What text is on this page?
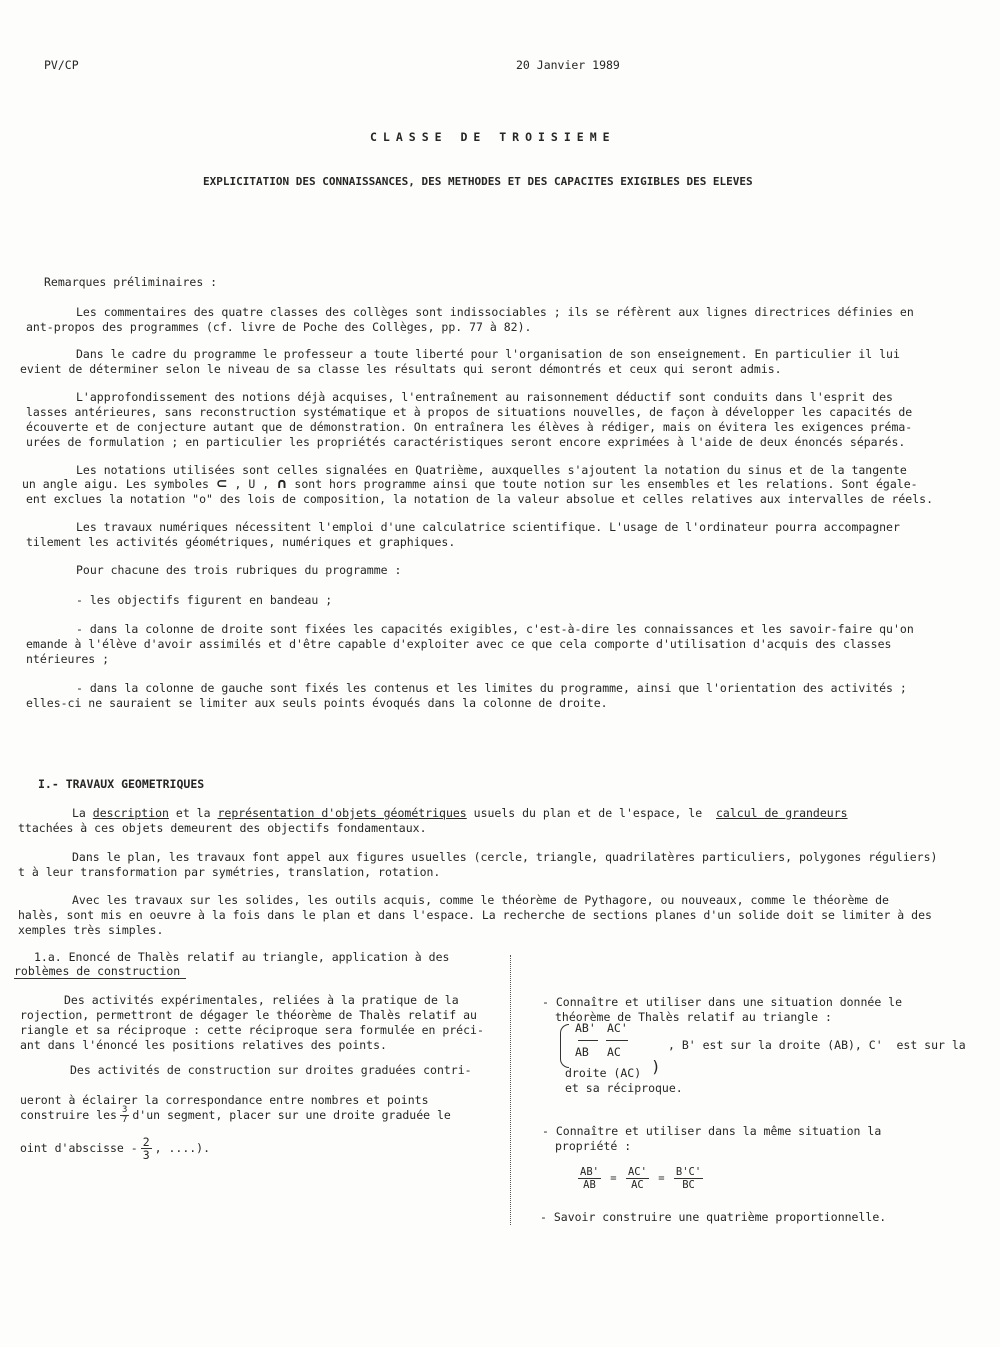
PV/CP	20 Janvier 1989
CLASSE DE TROISIEME
EXPLICITATION DES CONNAISSANCES, DES METHODES ET DES CAPACITES EXIGIBLES DES ELEVES
Remarques préliminaires :
Les commentaires des quatre classes des collèges sont indissociables ; ils se réfèrent aux lignes directrices définies en
ant-propos des programmes (cf. livre de Poche des Collèges, pp. 77 à 82).
Dans le cadre du programme le professeur a toute liberté pour l'organisation de son enseignement. En particulier il lui
evient de déterminer selon le niveau de sa classe les résultats qui seront démontrés et ceux qui seront admis.
L'approfondissement des notions déjà acquises, l'entraînement au raisonnement déductif sont conduits dans l'esprit des
lasses antérieures, sans reconstruction systématique et à propos de situations nouvelles, de façon à développer les capacités de
écouverte et de conjecture autant que de démonstration. On entraînera les élèves à rédiger, mais on évitera les exigences préma-
urées de formulation ; en particulier les propriétés caractéristiques seront encore exprimées à l'aide de deux énoncés séparés.
Les notations utilisées sont celles signalées en Quatrième, auxquelles s'ajoutent la notation du sinus et de la tangente
un angle aigu. Les symboles ⊂ , U , ∩ sont hors programme ainsi que toute notion sur les ensembles et les relations. Sont égale-
ent exclues la notation "o" des lois de composition, la notation de la valeur absolue et celles relatives aux intervalles de réels.
Les travaux numériques nécessitent l'emploi d'une calculatrice scientifique. L'usage de l'ordinateur pourra accompagner
tilement les activités géométriques, numériques et graphiques.
Pour chacune des trois rubriques du programme :
- les objectifs figurent en bandeau ;
- dans la colonne de droite sont fixées les capacités exigibles, c'est-à-dire les connaissances et les savoir-faire qu'on
emande à l'élève d'avoir assimilés et d'être capable d'exploiter avec ce que cela comporte d'utilisation d'acquis des classes
ntérieures ;
- dans la colonne de gauche sont fixés les contenus et les limites du programme, ainsi que l'orientation des activités ;
elles-ci ne sauraient se limiter aux seuls points évoqués dans la colonne de droite.
I.- TRAVAUX GEOMETRIQUES
La description et la représentation d'objets géométriques usuels du plan et de l'espace, le calcul de grandeurs
ttachées à ces objets demeurent des objectifs fondamentaux.
Dans le plan, les travaux font appel aux figures usuelles (cercle, triangle, quadrilatères particuliers, polygones réguliers)
t à leur transformation par symétries, translation, rotation.
Avec les travaux sur les solides, les outils acquis, comme le théorème de Pythagore, ou nouveaux, comme le théorème de
halès, sont mis en oeuvre à la fois dans le plan et dans l'espace. La recherche de sections planes d'un solide doit se limiter à des
xemples très simples.
1.a. Enoncé de Thalès relatif au triangle, application à des
roblèmes de construction
Des activités expérimentales, reliées à la pratique de la
rojection, permettront de dégager le théorème de Thalès relatif au
riangle et sa réciproque : cette réciproque sera formulée en préci-
ant dans l'énoncé les positions relatives des points.
Des activités de construction sur droites graduées contri-
ueront à éclairer la correspondance entre nombres et points
construire les $\frac{3}{7} d'un$ segment, placer sur une droite graduée le
oint d'abscisse - $\frac{2}{3}$ , ....).
- Connaître et utiliser dans une situation donnée le
théorème de Thalès relatif au triangle :
AB'

AB
AC'

AC	, B' est sur la droite (AB), C'  est sur la
droite (AC) )
et sa réciproque.
- Connaître et utiliser dans la même situation la
propriété :
$\frac{AB'}{AB} = \frac{AC'}{AC} = \frac{B'C'}{BC}$
- Savoir construire une quatrième proportionnelle.
